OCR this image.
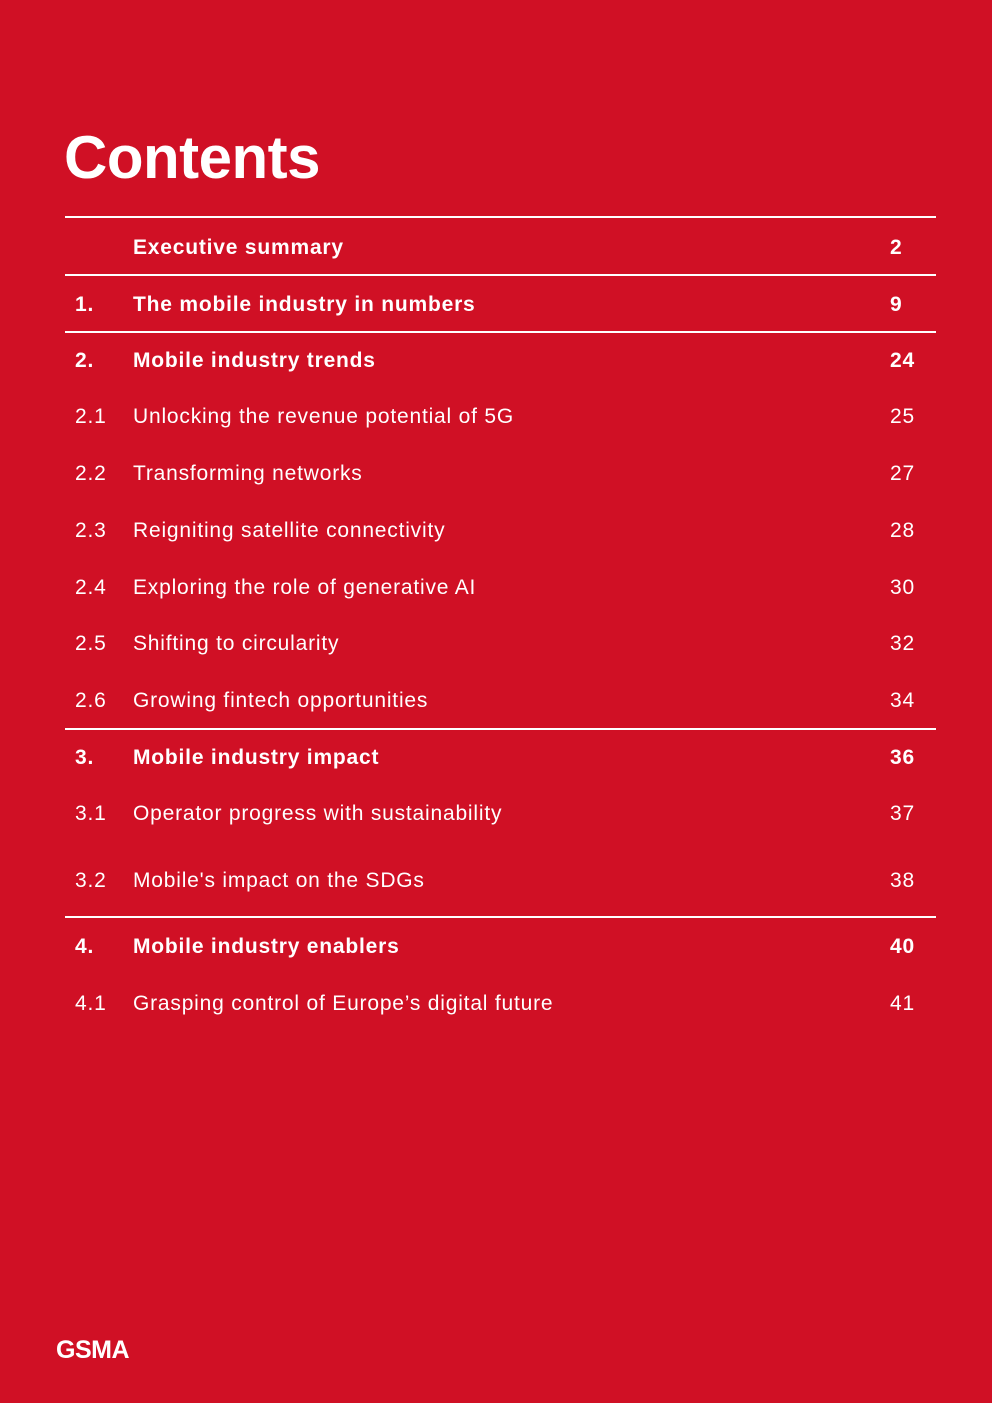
Contents
Executive summary	2
1. The mobile industry in numbers	9
2. Mobile industry trends	24
2.1 Unlocking the revenue potential of 5G	25
2.2 Transforming networks	27
2.3 Reigniting satellite connectivity	28
2.4 Exploring the role of generative AI	30
2.5 Shifting to circularity	32
2.6 Growing fintech opportunities	34
3. Mobile industry impact	36
3.1 Operator progress with sustainability	37
3.2 Mobile's impact on the SDGs	38
4. Mobile industry enablers	40
4.1 Grasping control of Europe’s digital future	41
GSMA
